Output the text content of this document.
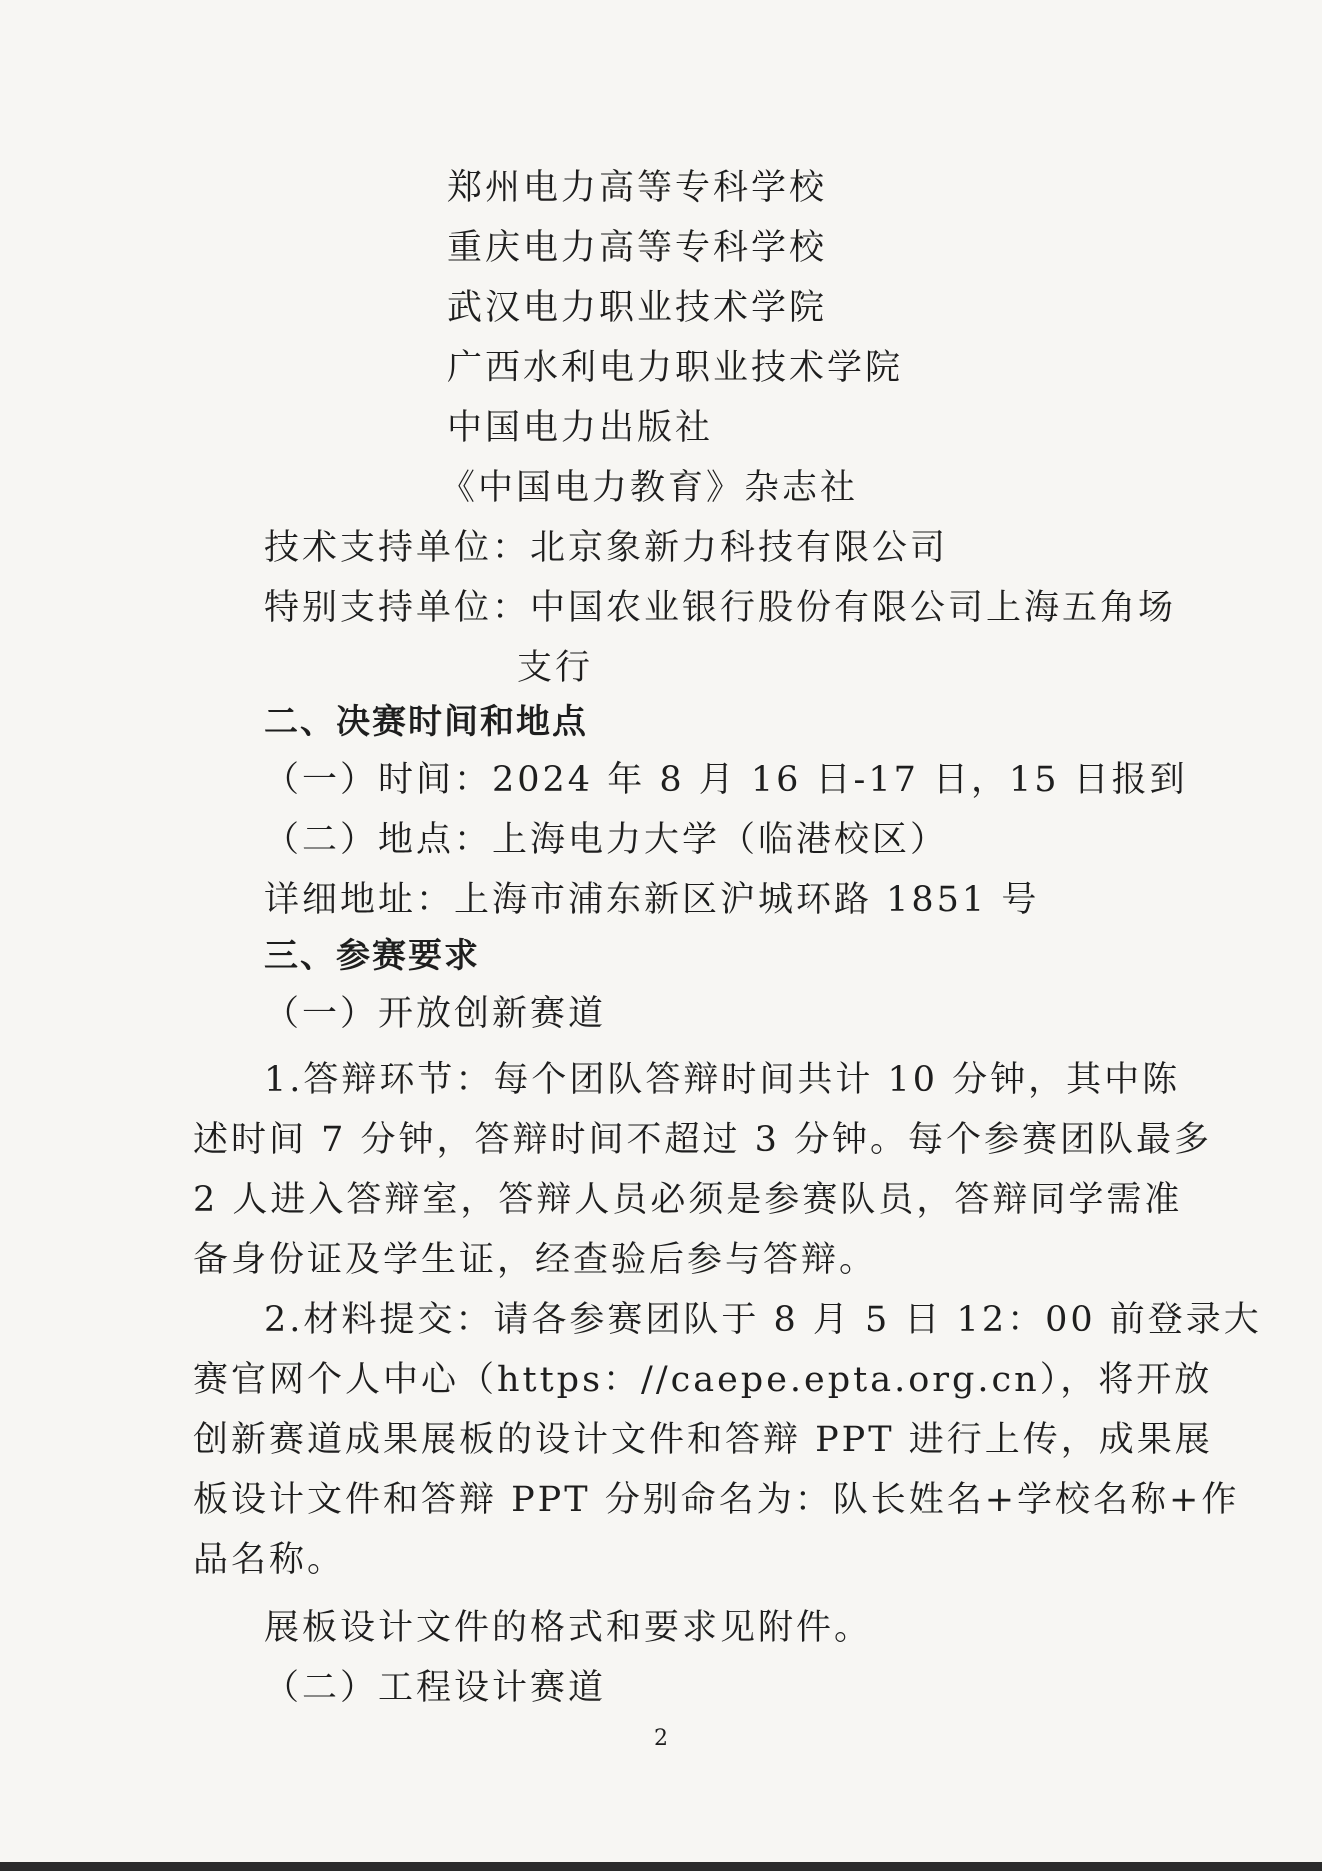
郑州电力高等专科学校
重庆电力高等专科学校
武汉电力职业技术学院
广西水利电力职业技术学院
中国电力出版社
《中国电力教育》杂志社
技术支持单位：北京象新力科技有限公司
特别支持单位：中国农业银行股份有限公司上海五角场
支行
二、决赛时间和地点
（一）时间：2024 年 8 月 16 日-17 日，15 日报到
（二）地点：上海电力大学（临港校区）
详细地址：上海市浦东新区沪城环路 1851 号
三、参赛要求
（一）开放创新赛道
1.答辩环节：每个团队答辩时间共计 10 分钟，其中陈
述时间 7 分钟，答辩时间不超过 3 分钟。每个参赛团队最多
2 人进入答辩室，答辩人员必须是参赛队员，答辩同学需准
备身份证及学生证，经查验后参与答辩。
2.材料提交：请各参赛团队于 8 月 5 日 12：00 前登录大
赛官网个人中心（https：//caepe.epta.org.cn），将开放
创新赛道成果展板的设计文件和答辩 PPT 进行上传，成果展
板设计文件和答辩 PPT 分别命名为：队长姓名+学校名称+作
品名称。
展板设计文件的格式和要求见附件。
（二）工程设计赛道
2
